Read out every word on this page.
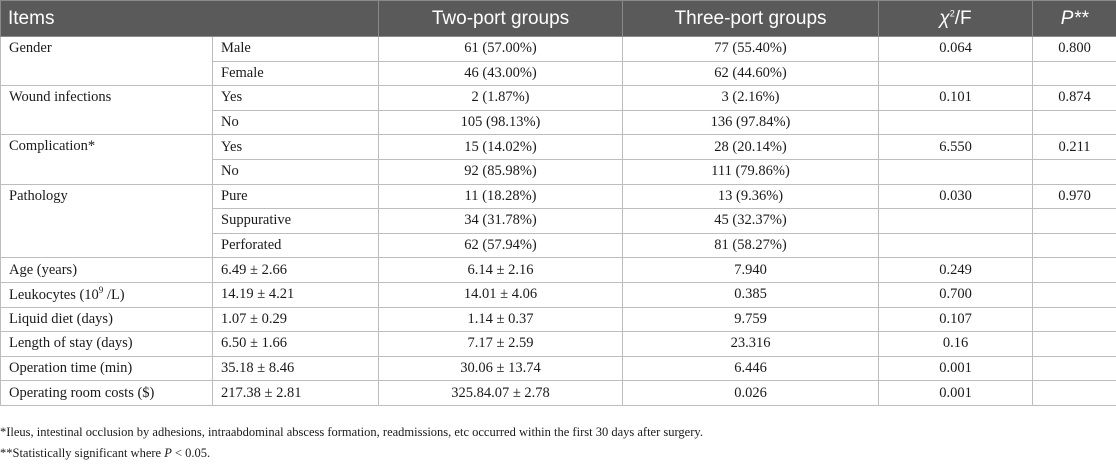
Items		Two-port groups	Three-port groups	$\chi^2/F$	P**
Gender	Male	61 (57.00%)	77 (55.40%)	0.064	0.800
	Female	46 (43.00%)	62 (44.60%)		
Wound infections	Yes	2 (1.87%)	3 (2.16%)	0.101	0.874
	No	105 (98.13%)	136 (97.84%)		
Complication*	Yes	15 (14.02%)	28 (20.14%)	6.550	0.211
	No	92 (85.98%)	111 (79.86%)		
Pathology	Pure	11 (18.28%)	13 (9.36%)	0.030	0.970
	Suppurative	34 (31.78%)	45 (32.37%)		
	Perforated	62 (57.94%)	81 (58.27%)		
Age (years)	6.49 ± 2.66	6.14 ± 2.16	7.940	0.249	
Leukocytes ($10^9$ /L)	14.19 ± 4.21	14.01 ± 4.06	0.385	0.700	
Liquid diet (days)	1.07 ± 0.29	1.14 ± 0.37	9.759	0.107	
Length of stay (days)	6.50 ± 1.66	7.17 ± 2.59	23.316	0.16	
Operation time (min)	35.18 ± 8.46	30.06 ± 13.74	6.446	0.001	
Operating room costs ($)	217.38 ± 2.81	325.84.07 ± 2.78	0.026	0.001	
*Ileus, intestinal occlusion by adhesions, intraabdominal abscess formation, readmissions, etc occurred within the first 30 days after surgery.
**Statistically significant where P < 0.05.
